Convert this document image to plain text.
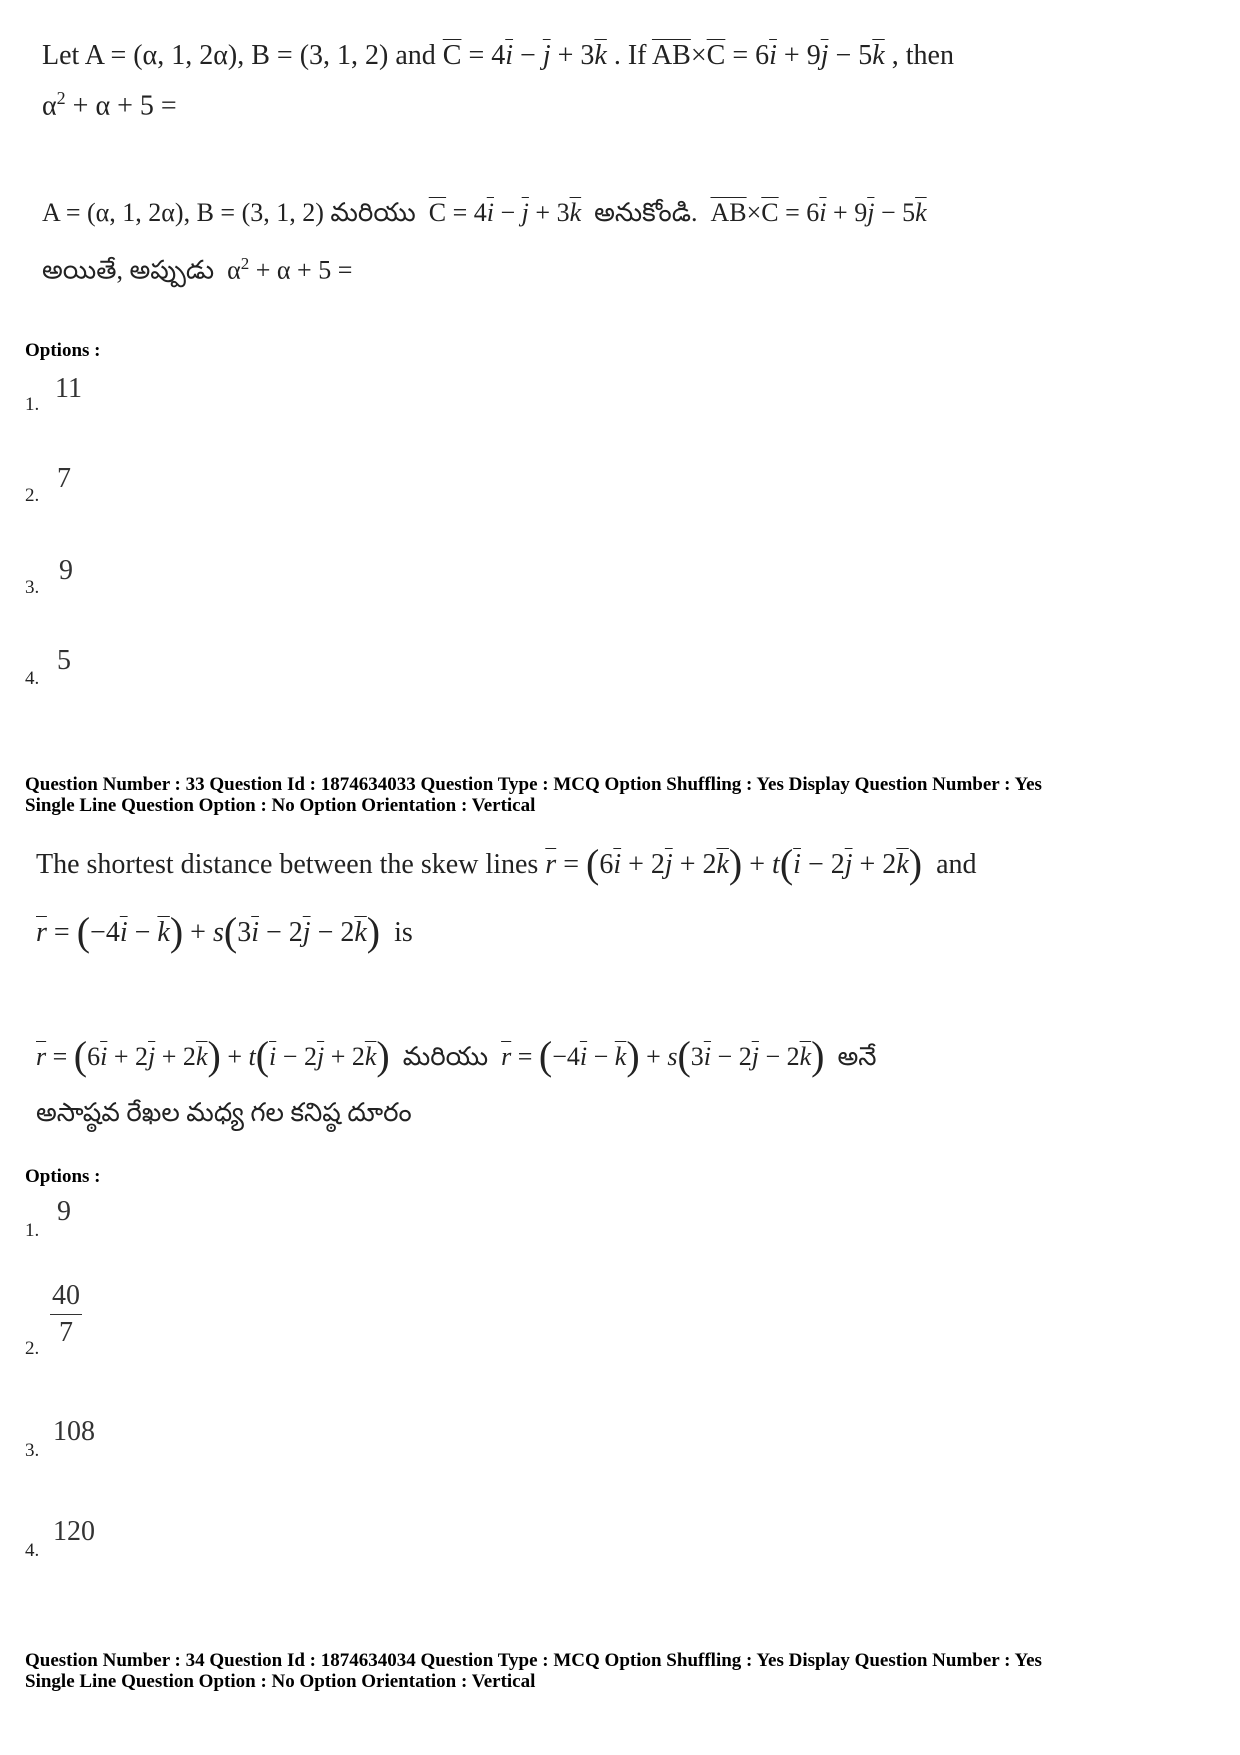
Let A = (α, 1, 2α), B = (3, 1, 2) and $\overline{C} = 4\overline{i} - \overline{j} + 3\overline{k}$ . If $\overline{AB}\times\overline{C} = 6\overline{i} + 9\overline{j} - 5\overline{k}$ , then
$\alpha^2 + \alpha + 5$ =
A = (α, 1, 2α), B = (3, 1, 2) మరియు $\overline{C} = 4\overline{i} - \overline{j} + 3\overline{k}$ అనుకోండి. $\overline{AB}\times\overline{C} = 6\overline{i} + 9\overline{j} - 5\overline{k}$
అయితే, అప్పుడు  $\alpha^2 + \alpha + 5$ =
Options :
1.
11
2.
7
3.
9
4.
5
Question Number : 33 Question Id : 1874634033 Question Type : MCQ Option Shuffling : Yes Display Question Number : Yes
Single Line Question Option : No Option Orientation : Vertical
The shortest distance between the skew lines $\overline{r} = (6\overline{i} + 2\overline{j} + 2\overline{k}) + t(\overline{i} - 2\overline{j} + 2\overline{k})$  and
$\overline{r} = (-4\overline{i} - \overline{k}) + s(3\overline{i} - 2\overline{j} - 2\overline{k})$  is
$\overline{r} = (6\overline{i} + 2\overline{j} + 2\overline{k}) + t(\overline{i} - 2\overline{j} + 2\overline{k})$  మరియు  $\overline{r} = (-4\overline{i} - \overline{k}) + s(3\overline{i} - 2\overline{j} - 2\overline{k})$ అనే
అసాష్ఠవ రేఖల మధ్య గల కనిష్ఠ దూరం
Options :
1.
9
2. $\frac{40}{7}$
3.
108
4.
120
Question Number : 34 Question Id : 1874634034 Question Type : MCQ Option Shuffling : Yes Display Question Number : Yes
Single Line Question Option : No Option Orientation : Vertical
